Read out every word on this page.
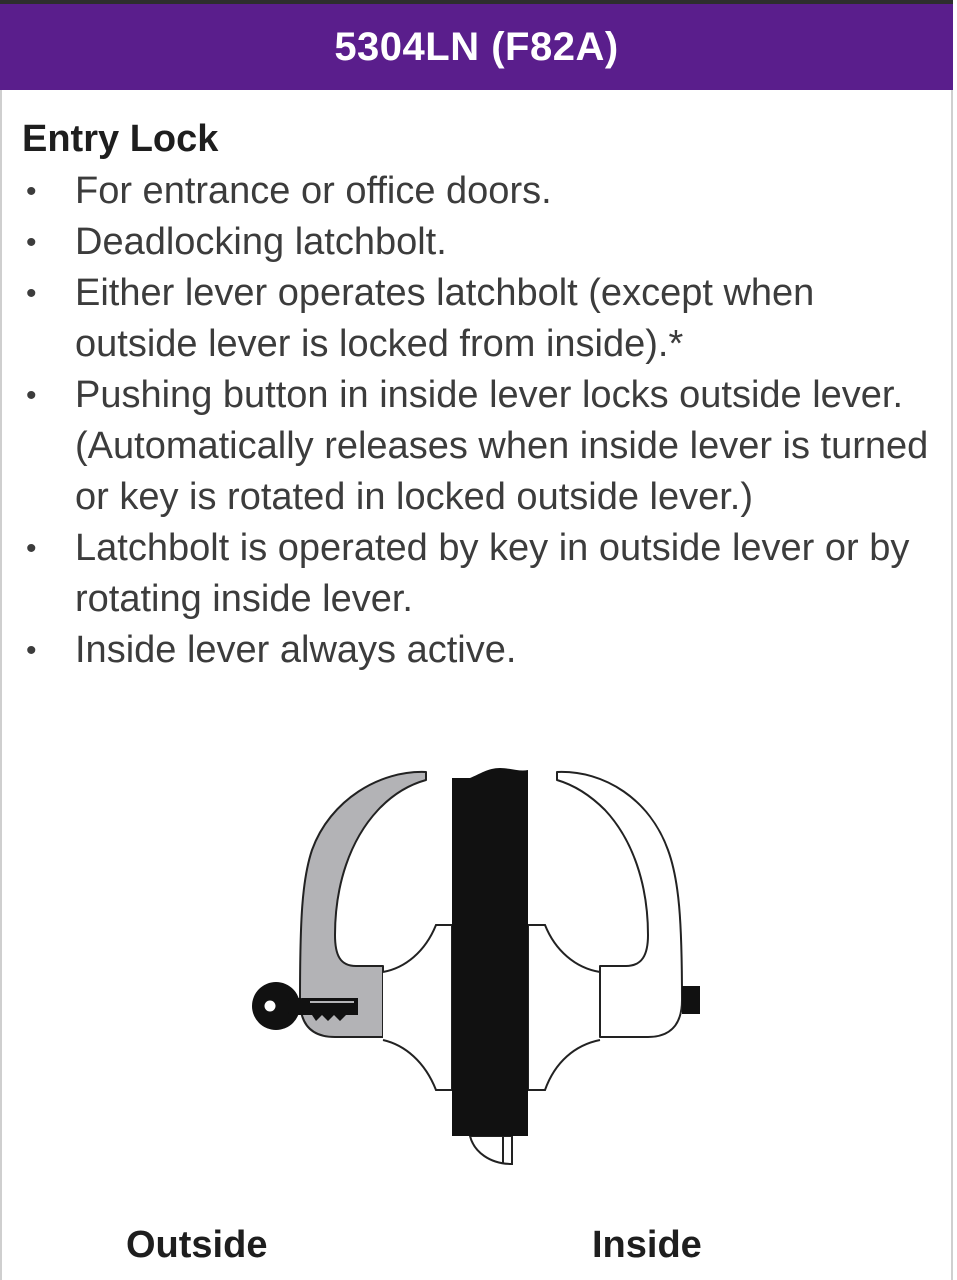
5304LN (F82A)
Entry Lock
• For entrance or office doors.
• Deadlocking latchbolt.
• Either lever operates latchbolt (except when outside lever is locked from inside).*
• Pushing button in inside lever locks outside lever. (Automatically releases when inside lever is turned or key is rotated in locked outside lever.)
• Latchbolt is operated by key in outside lever or by rotating inside lever.
• Inside lever always active.
Outside	Inside
